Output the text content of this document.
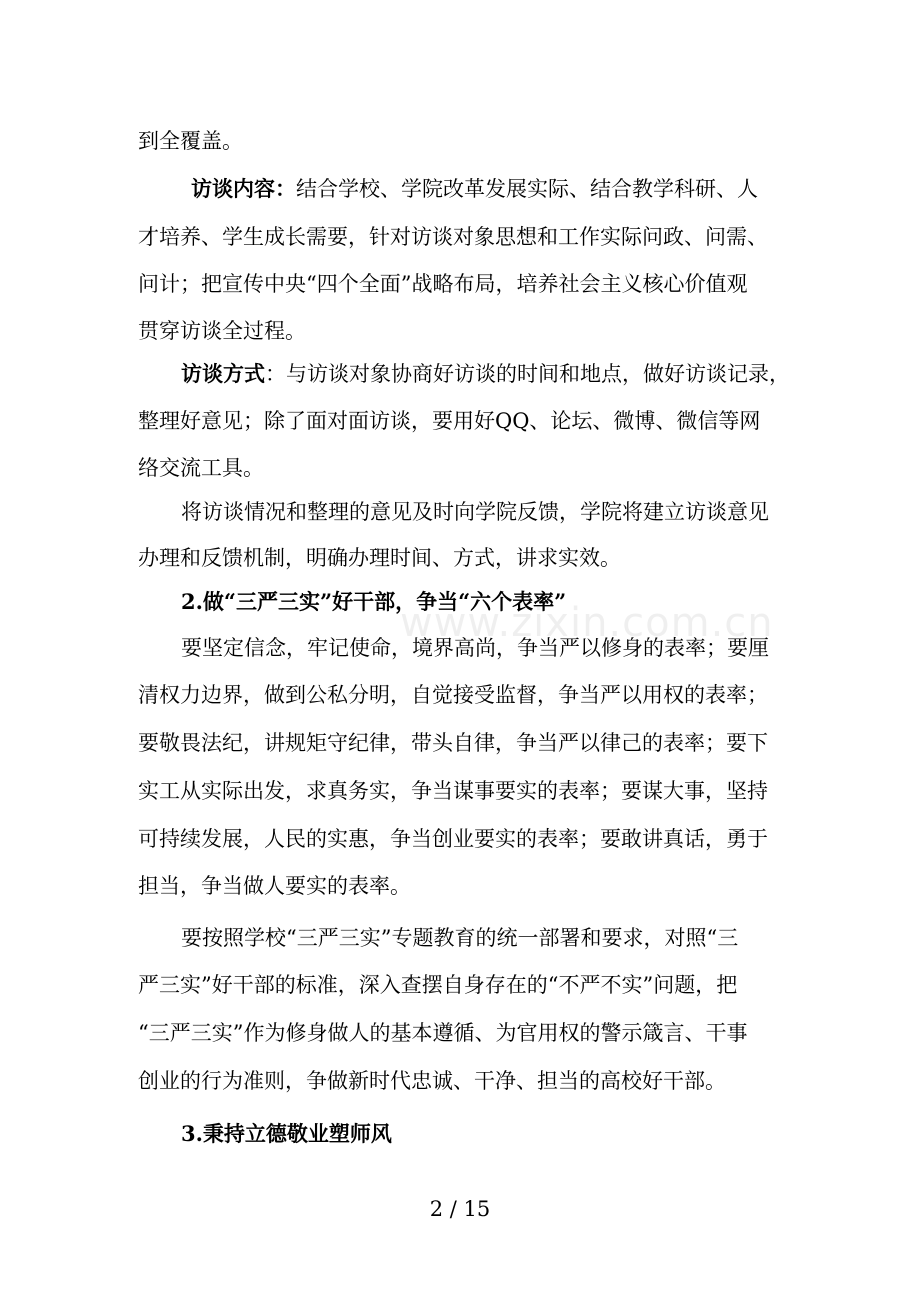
www.zixin.com.cn
到全覆盖。
访谈内容：结合学校、学院改革发展实际、结合教学科研、人
才培养、学生成长需要，针对访谈对象思想和工作实际问政、问需、
问计；把宣传中央“四个全面”战略布局，培养社会主义核心价值观
贯穿访谈全过程。
访谈方式：与访谈对象协商好访谈的时间和地点，做好访谈记录，
整理好意见；除了面对面访谈，要用好QQ、论坛、微博、微信等网
络交流工具。
将访谈情况和整理的意见及时向学院反馈，学院将建立访谈意见
办理和反馈机制，明确办理时间、方式，讲求实效。
2.做“三严三实”好干部，争当“六个表率”
要坚定信念，牢记使命，境界高尚，争当严以修身的表率；要厘
清权力边界，做到公私分明，自觉接受监督，争当严以用权的表率；
要敬畏法纪，讲规矩守纪律，带头自律，争当严以律己的表率；要下
实工从实际出发，求真务实，争当谋事要实的表率；要谋大事，坚持
可持续发展，人民的实惠，争当创业要实的表率；要敢讲真话，勇于
担当，争当做人要实的表率。
要按照学校“三严三实”专题教育的统一部署和要求，对照“三
严三实”好干部的标准，深入查摆自身存在的“不严不实”问题，把
“三严三实”作为修身做人的基本遵循、为官用权的警示箴言、干事
创业的行为准则，争做新时代忠诚、干净、担当的高校好干部。
3.秉持立德敬业塑师风
2 / 15
